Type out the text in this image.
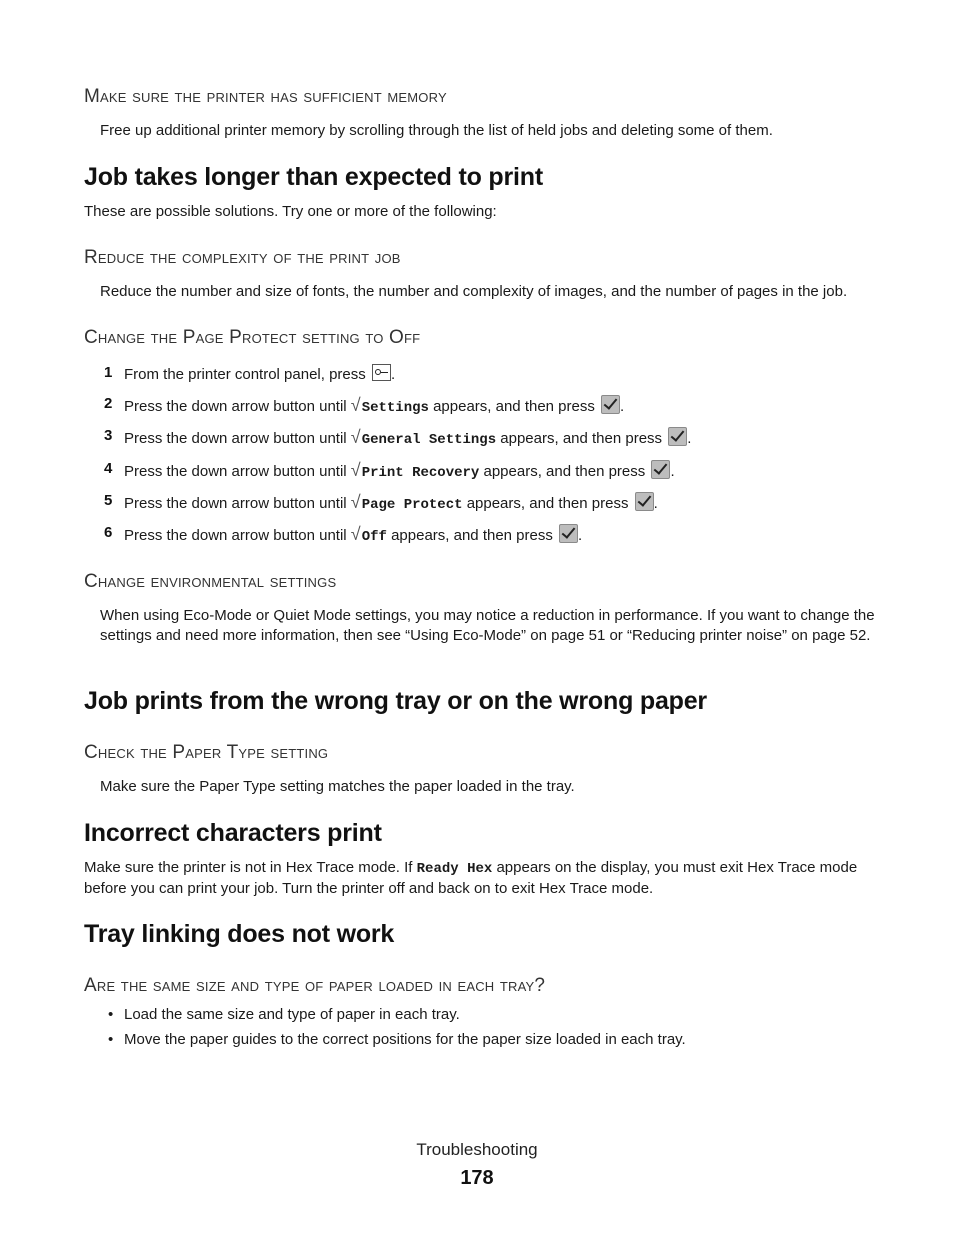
Make sure the printer has sufficient memory
Free up additional printer memory by scrolling through the list of held jobs and deleting some of them.
Job takes longer than expected to print
These are possible solutions. Try one or more of the following:
Reduce the complexity of the print job
Reduce the number and size of fonts, the number and complexity of images, and the number of pages in the job.
Change the Page Protect setting to Off
1 From the printer control panel, press .
2 Press the down arrow button until √Settings appears, and then press .
3 Press the down arrow button until √General Settings appears, and then press .
4 Press the down arrow button until √Print Recovery appears, and then press .
5 Press the down arrow button until √Page Protect appears, and then press .
6 Press the down arrow button until √Off appears, and then press .
Change environmental settings
When using Eco‑Mode or Quiet Mode settings, you may notice a reduction in performance. If you want to change the settings and need more information, then see “Using Eco‑Mode” on page 51 or “Reducing printer noise” on page 52.
Job prints from the wrong tray or on the wrong paper
Check the Paper Type setting
Make sure the Paper Type setting matches the paper loaded in the tray.
Incorrect characters print
Make sure the printer is not in Hex Trace mode. If Ready Hex appears on the display, you must exit Hex Trace mode before you can print your job. Turn the printer off and back on to exit Hex Trace mode.
Tray linking does not work
Are the same size and type of paper loaded in each tray?
• Load the same size and type of paper in each tray.
• Move the paper guides to the correct positions for the paper size loaded in each tray.
Troubleshooting
178
